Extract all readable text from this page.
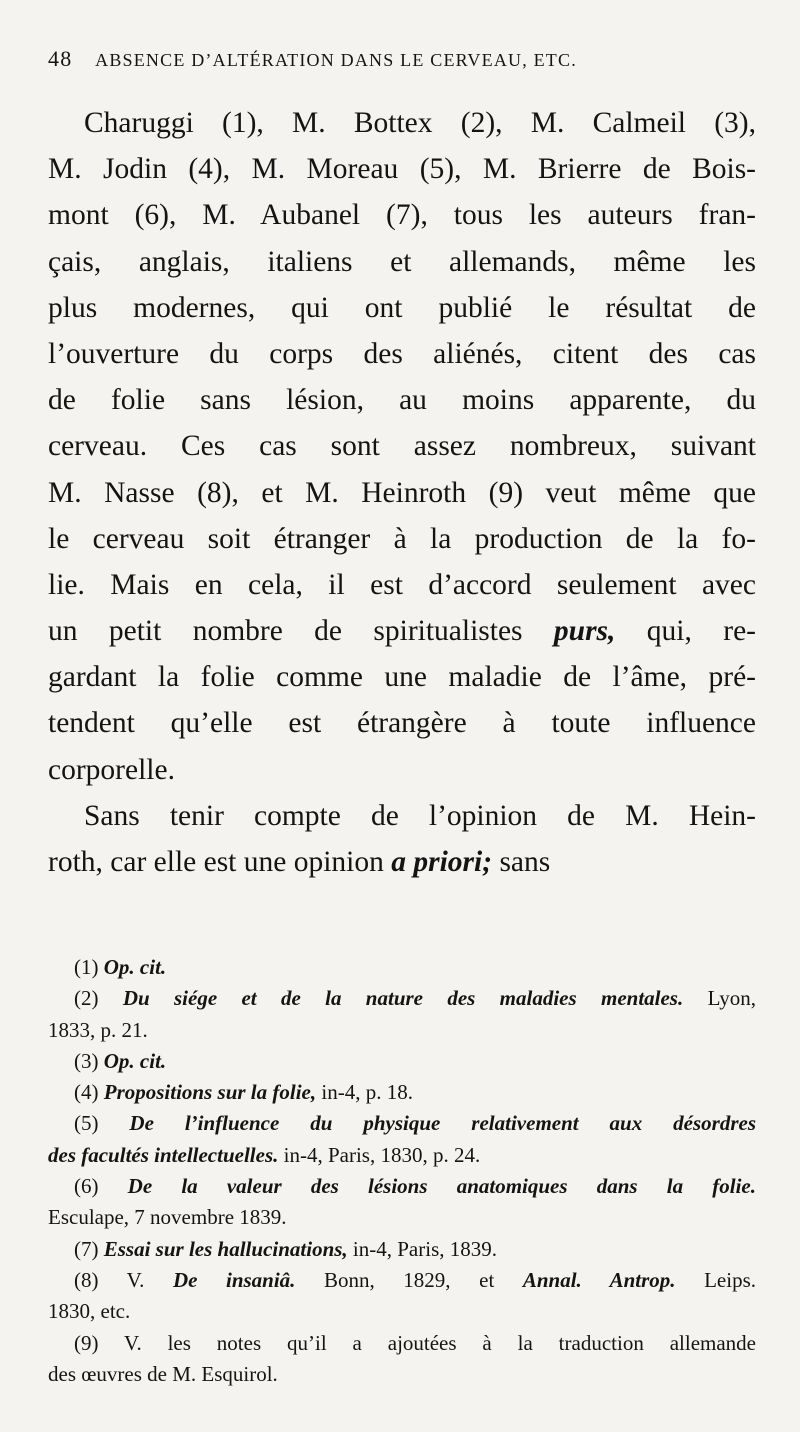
48 ABSENCE D’ALTÉRATION DANS LE CERVEAU, ETC.
Charuggi (1), M. Bottex (2), M. Calmeil (3),
M. Jodin (4), M. Moreau (5), M. Brierre de Bois-
mont (6), M. Aubanel (7), tous les auteurs fran-
çais, anglais, italiens et allemands, même les
plus modernes, qui ont publié le résultat de
l’ouverture du corps des aliénés, citent des cas
de folie sans lésion, au moins apparente, du
cerveau. Ces cas sont assez nombreux, suivant
M. Nasse (8), et M. Heinroth (9) veut même que
le cerveau soit étranger à la production de la fo-
lie. Mais en cela, il est d’accord seulement avec
un petit nombre de spiritualistes purs, qui, re-
gardant la folie comme une maladie de l’âme, pré-
tendent qu’elle est étrangère à toute influence
corporelle.
Sans tenir compte de l’opinion de M. Hein-
roth, car elle est une opinion a priori; sans
(1) Op. cit.
(2) Du siége et de la nature des maladies mentales. Lyon,
1833, p. 21.
(3) Op. cit.
(4) Propositions sur la folie, in-4, p. 18.
(5) De l’influence du physique relativement aux désordres
des facultés intellectuelles. in-4, Paris, 1830, p. 24.
(6) De la valeur des lésions anatomiques dans la folie.
Esculape, 7 novembre 1839.
(7) Essai sur les hallucinations, in-4, Paris, 1839.
(8) V. De insaniâ. Bonn, 1829, et Annal. Antrop. Leips.
1830, etc.
(9) V. les notes qu’il a ajoutées à la traduction allemande
des œuvres de M. Esquirol.
